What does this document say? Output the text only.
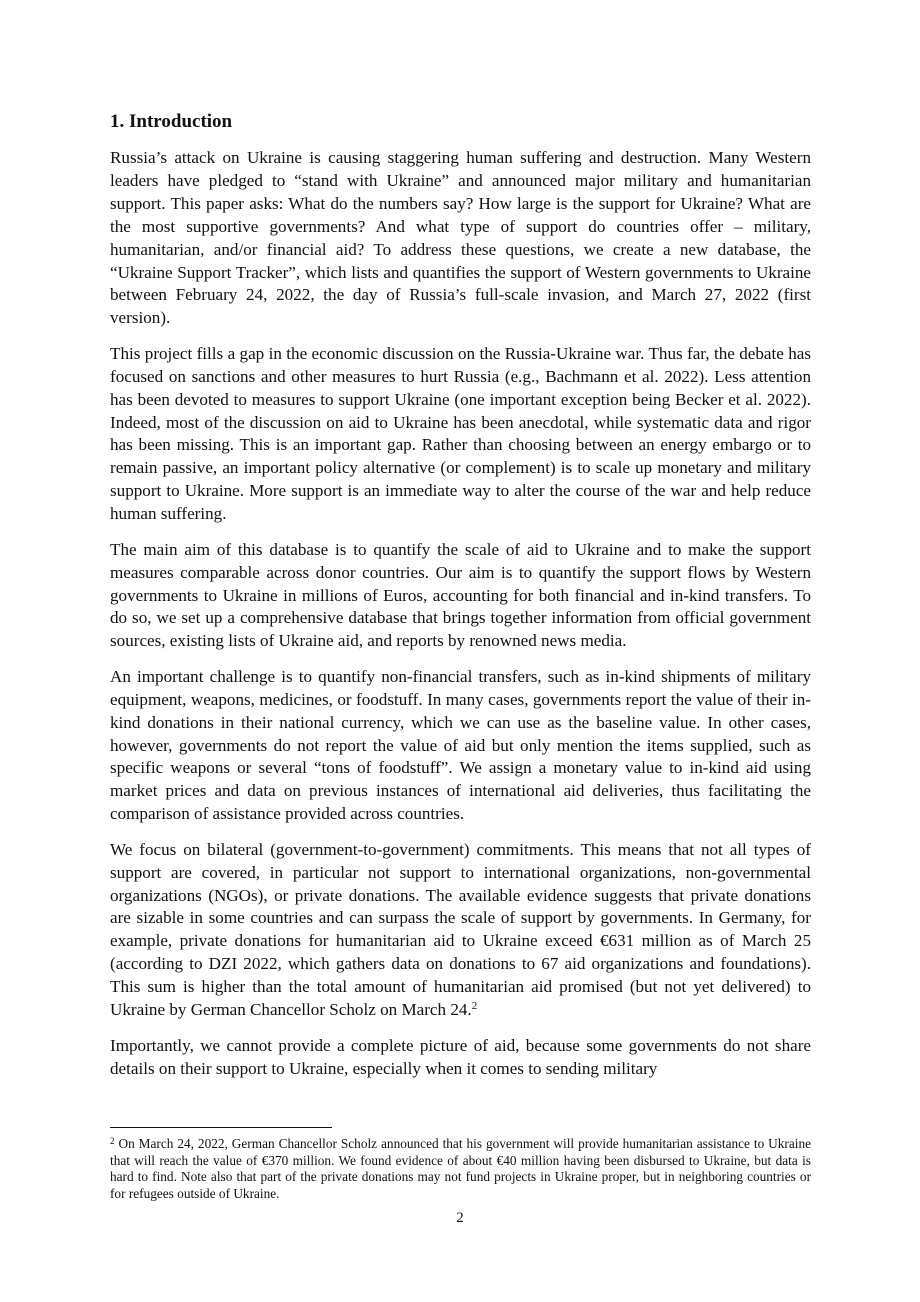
1. Introduction

Russia’s attack on Ukraine is causing staggering human suffering and destruction. Many Western leaders have pledged to “stand with Ukraine” and announced major military and humanitarian support. This paper asks: What do the numbers say? How large is the support for Ukraine? What are the most supportive governments? And what type of support do countries offer – military, humanitarian, and/or financial aid? To address these questions, we create a new database, the “Ukraine Support Tracker”, which lists and quantifies the support of Western governments to Ukraine between February 24, 2022, the day of Russia’s full-scale invasion, and March 27, 2022 (first version).

This project fills a gap in the economic discussion on the Russia-Ukraine war. Thus far, the debate has focused on sanctions and other measures to hurt Russia (e.g., Bachmann et al. 2022). Less attention has been devoted to measures to support Ukraine (one important exception being Becker et al. 2022). Indeed, most of the discussion on aid to Ukraine has been anecdotal, while systematic data and rigor has been missing. This is an important gap. Rather than choosing between an energy embargo or to remain passive, an important policy alternative (or complement) is to scale up monetary and military support to Ukraine. More support is an immediate way to alter the course of the war and help reduce human suffering.

The main aim of this database is to quantify the scale of aid to Ukraine and to make the support measures comparable across donor countries. Our aim is to quantify the support flows by Western governments to Ukraine in millions of Euros, accounting for both financial and in-kind transfers. To do so, we set up a comprehensive database that brings together information from official government sources, existing lists of Ukraine aid, and reports by renowned news media.

An important challenge is to quantify non-financial transfers, such as in-kind shipments of military equipment, weapons, medicines, or foodstuff. In many cases, governments report the value of their in-kind donations in their national currency, which we can use as the baseline value. In other cases, however, governments do not report the value of aid but only mention the items supplied, such as specific weapons or several “tons of foodstuff”. We assign a monetary value to in-kind aid using market prices and data on previous instances of international aid deliveries, thus facilitating the comparison of assistance provided across countries.

We focus on bilateral (government-to-government) commitments. This means that not all types of support are covered, in particular not support to international organizations, non-governmental organizations (NGOs), or private donations. The available evidence suggests that private donations are sizable in some countries and can surpass the scale of support by governments. In Germany, for example, private donations for humanitarian aid to Ukraine exceed €631 million as of March 25 (according to DZI 2022, which gathers data on donations to 67 aid organizations and foundations). This sum is higher than the total amount of humanitarian aid promised (but not yet delivered) to Ukraine by German Chancellor Scholz on March 24.$^2$

Importantly, we cannot provide a complete picture of aid, because some governments do not share details on their support to Ukraine, especially when it comes to sending military

$^2$ On March 24, 2022, German Chancellor Scholz announced that his government will provide humanitarian assistance to Ukraine that will reach the value of €370 million. We found evidence of about €40 million having been disbursed to Ukraine, but data is hard to find. Note also that part of the private donations may not fund projects in Ukraine proper, but in neighboring countries or for refugees outside of Ukraine.

2
